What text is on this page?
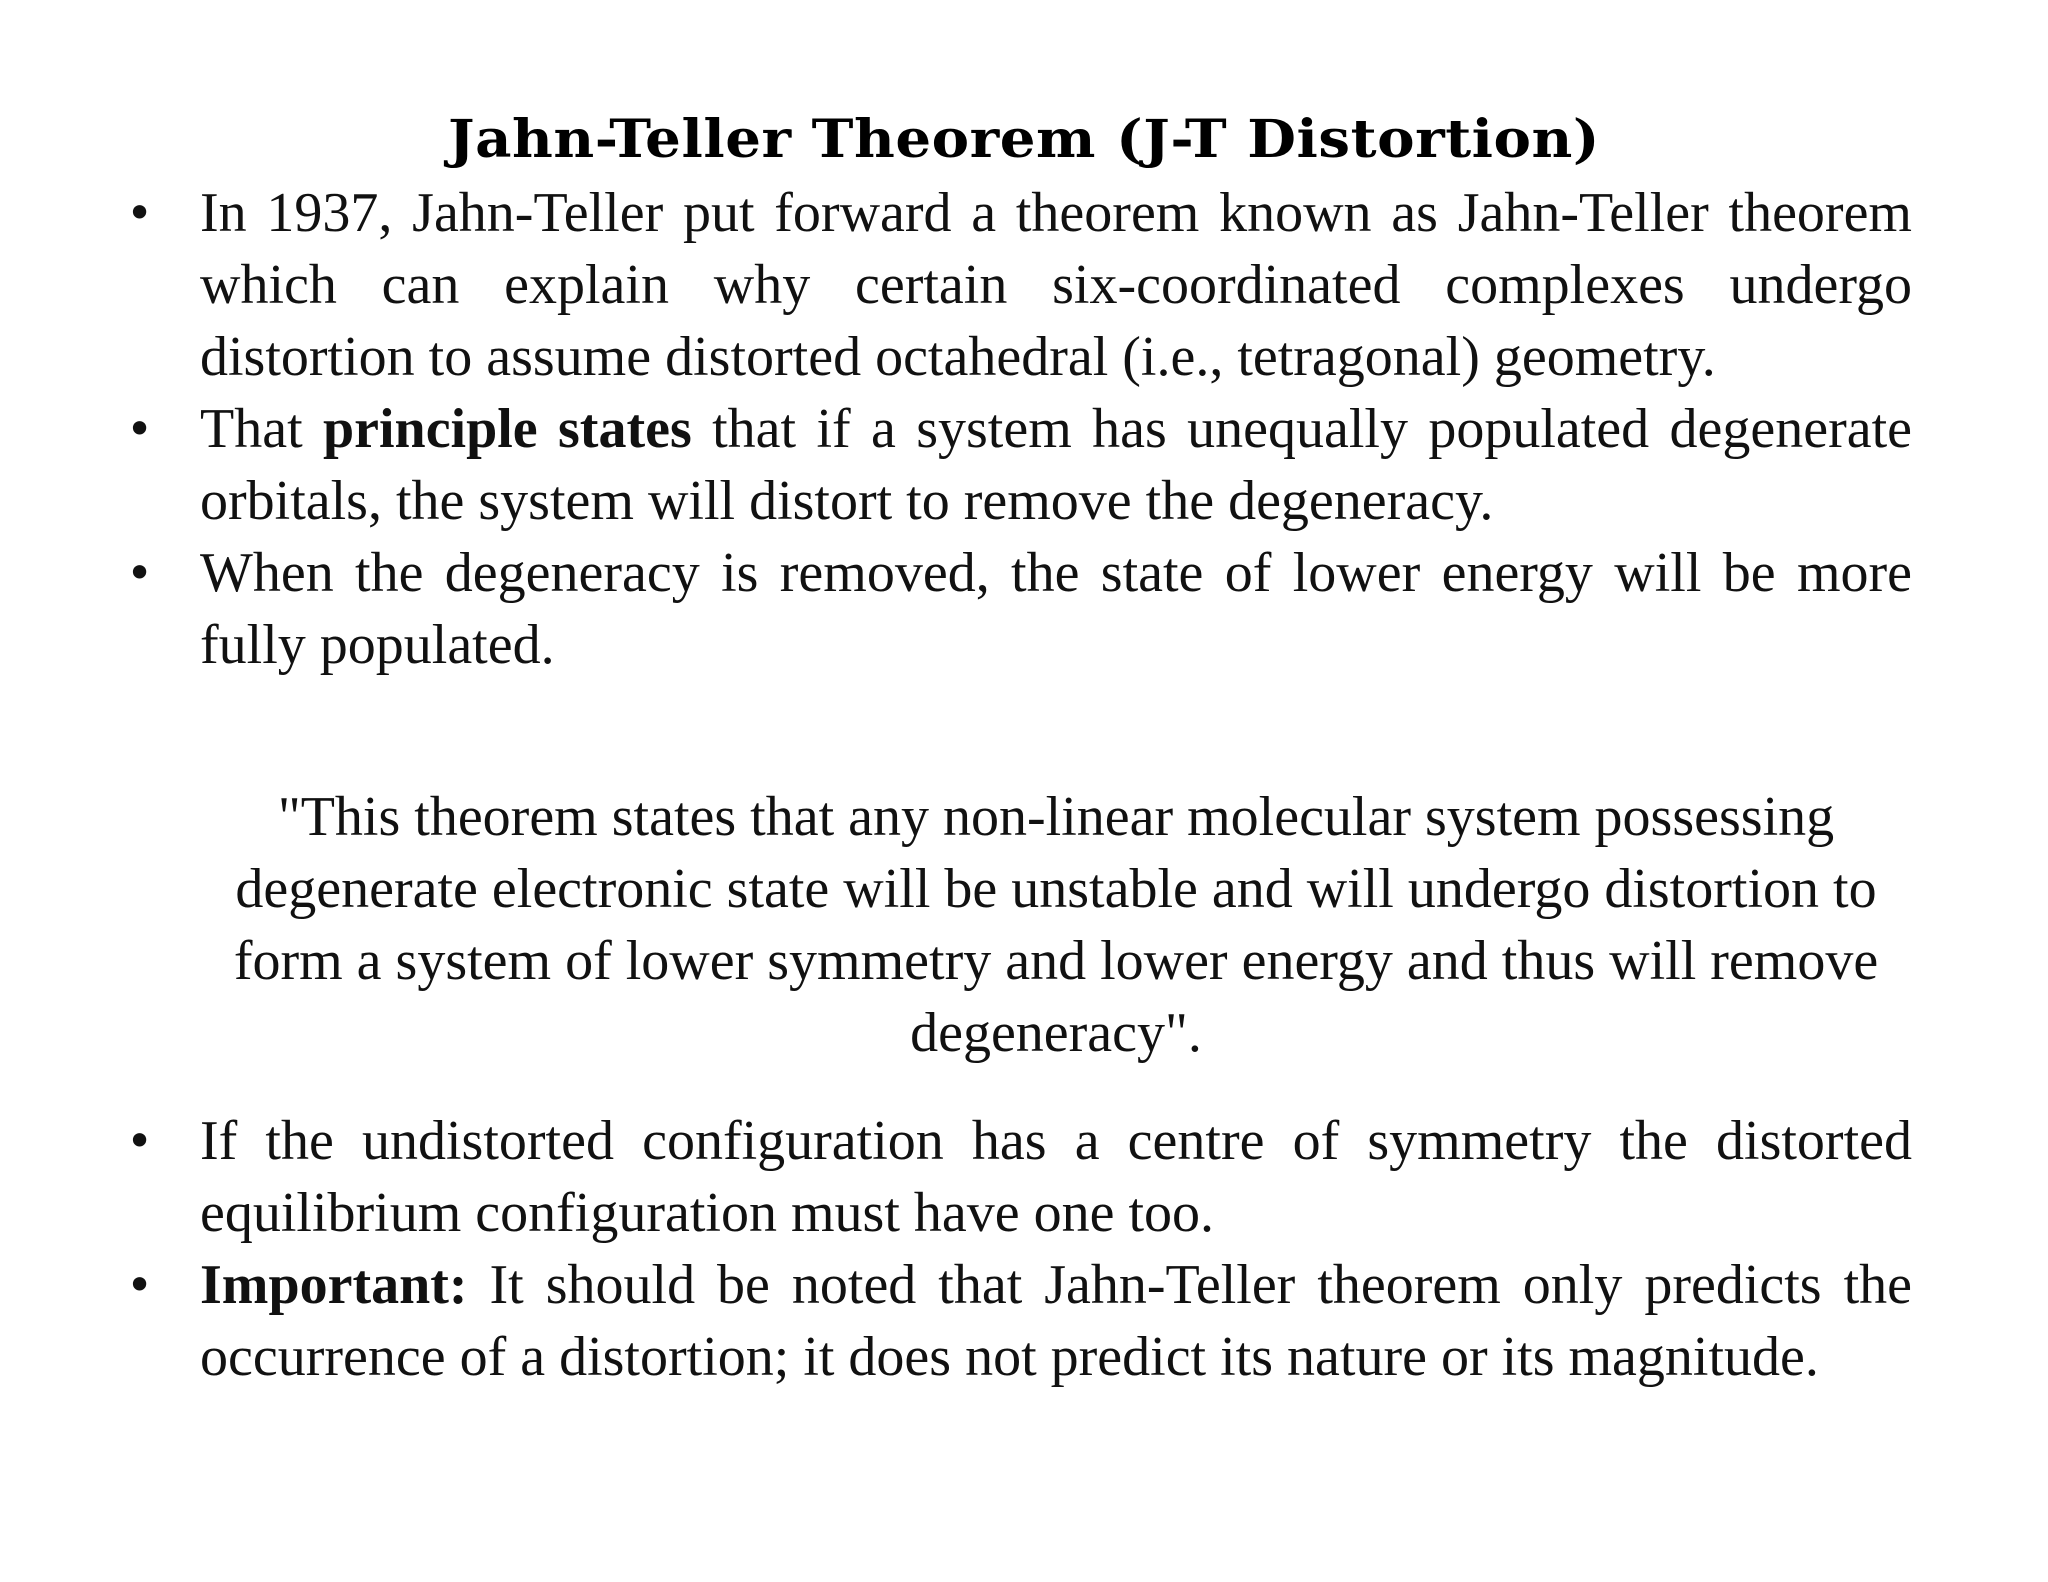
Jahn-Teller Theorem (J-T Distortion)
• In 1937, Jahn-Teller put forward a theorem known as Jahn-Teller theorem which can explain why certain six-coordinated complexes undergo distortion to assume distorted octahedral (i.e., tetragonal) geometry.
• That principle states that if a system has unequally populated degenerate orbitals, the system will distort to remove the degeneracy.
• When the degeneracy is removed, the state of lower energy will be more fully populated.

"This theorem states that any non-linear molecular system possessing degenerate electronic state will be unstable and will undergo distortion to form a system of lower symmetry and lower energy and thus will remove degeneracy".

• If the undistorted configuration has a centre of symmetry the distorted equilibrium configuration must have one too.
• Important: It should be noted that Jahn-Teller theorem only predicts the occurrence of a distortion; it does not predict its nature or its magnitude.
